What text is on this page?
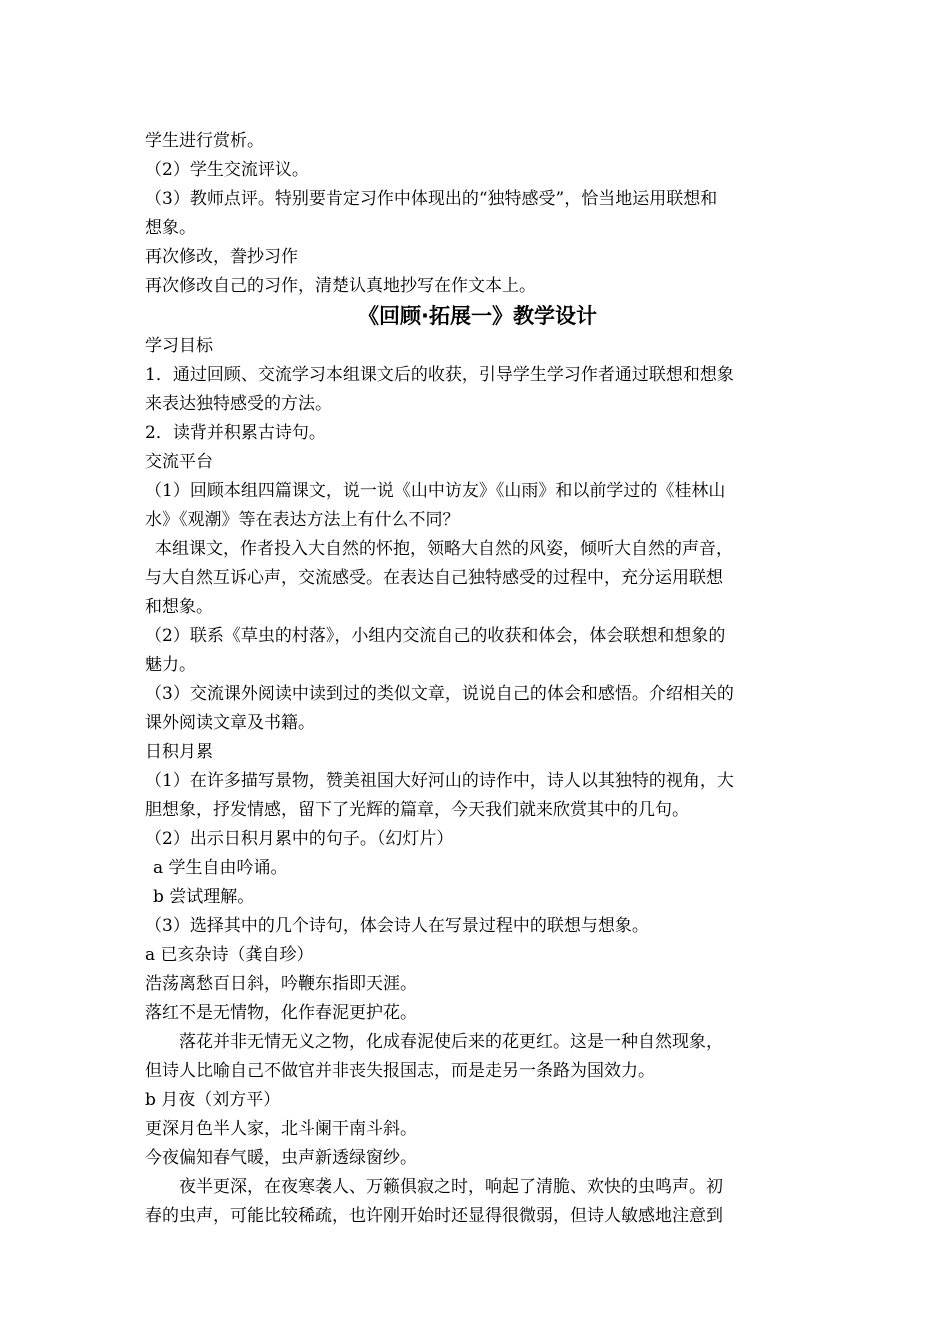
学生进行赏析。
（2）学生交流评议。
（3）教师点评。特别要肯定习作中体现出的“独特感受”，恰当地运用联想和
想象。
再次修改，誊抄习作
再次修改自己的习作，清楚认真地抄写在作文本上。
《回顾·拓展一》教学设计
学习目标
1．通过回顾、交流学习本组课文后的收获，引导学生学习作者通过联想和想象
来表达独特感受的方法。
2．读背并积累古诗句。
交流平台
（1）回顾本组四篇课文，说一说《山中访友》《山雨》和以前学过的《桂林山
水》《观潮》等在表达方法上有什么不同？
本组课文，作者投入大自然的怀抱，领略大自然的风姿，倾听大自然的声音，
与大自然互诉心声，交流感受。在表达自己独特感受的过程中，充分运用联想
和想象。
（2）联系《草虫的村落》，小组内交流自己的收获和体会，体会联想和想象的
魅力。
（3）交流课外阅读中读到过的类似文章，说说自己的体会和感悟。介绍相关的
课外阅读文章及书籍。
日积月累
（1）在许多描写景物，赞美祖国大好河山的诗作中，诗人以其独特的视角，大
胆想象，抒发情感，留下了光辉的篇章，今天我们就来欣赏其中的几句。
（2）出示日积月累中的句子。（幻灯片）
a 学生自由吟诵。
b 尝试理解。
（3）选择其中的几个诗句，体会诗人在写景过程中的联想与想象。
a 已亥杂诗（龚自珍）
浩荡离愁百日斜，吟鞭东指即天涯。
落红不是无情物，化作春泥更护花。
落花并非无情无义之物，化成春泥使后来的花更红。这是一种自然现象，
但诗人比喻自己不做官并非丧失报国志，而是走另一条路为国效力。
b 月夜（刘方平）
更深月色半人家，北斗阑干南斗斜。
今夜偏知春气暖，虫声新透绿窗纱。
夜半更深，在夜寒袭人、万籁俱寂之时，响起了清脆、欢快的虫鸣声。初
春的虫声，可能比较稀疏，也许刚开始时还显得很微弱，但诗人敏感地注意到
